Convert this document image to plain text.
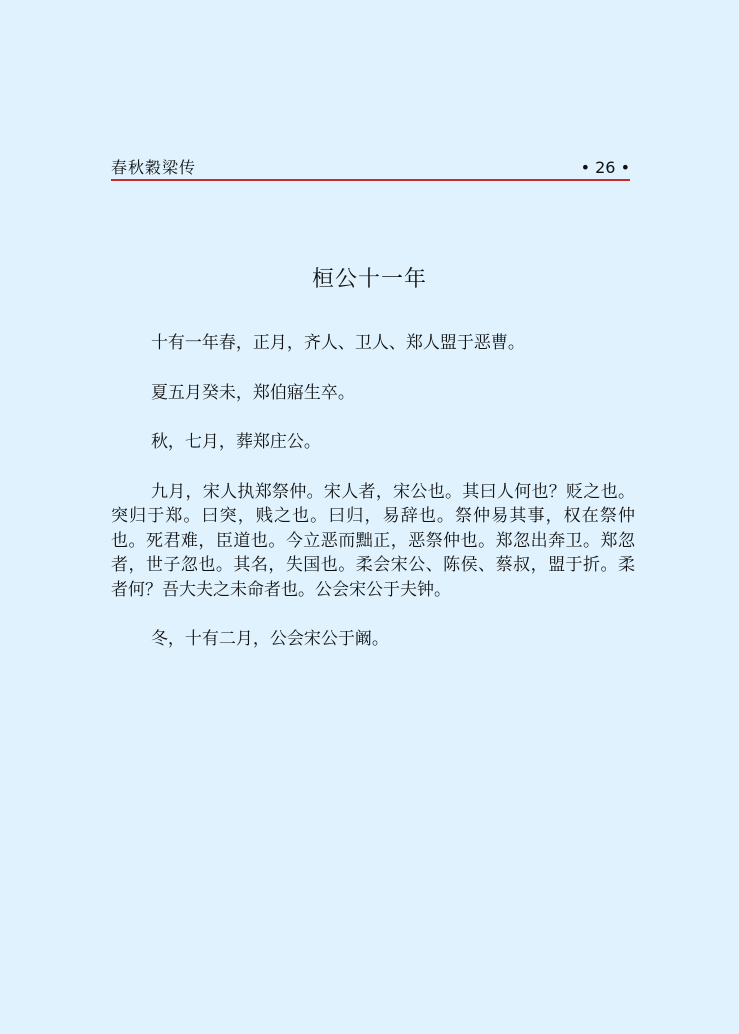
春秋穀梁传	• 26 •
桓公十一年

十有一年春，正月，齐人、卫人、郑人盟于恶曹。

夏五月癸未，郑伯寤生卒。

秋，七月，葬郑庄公。

九月，宋人执郑祭仲。宋人者，宋公也。其曰人何也？贬之也。突归于郑。曰突，贱之也。曰归，易辞也。祭仲易其事，权在祭仲也。死君难，臣道也。今立恶而黜正，恶祭仲也。郑忽出奔卫。郑忽者，世子忽也。其名，失国也。柔会宋公、陈侯、蔡叔，盟于折。柔者何？吾大夫之未命者也。公会宋公于夫钟。

冬，十有二月，公会宋公于阚。
